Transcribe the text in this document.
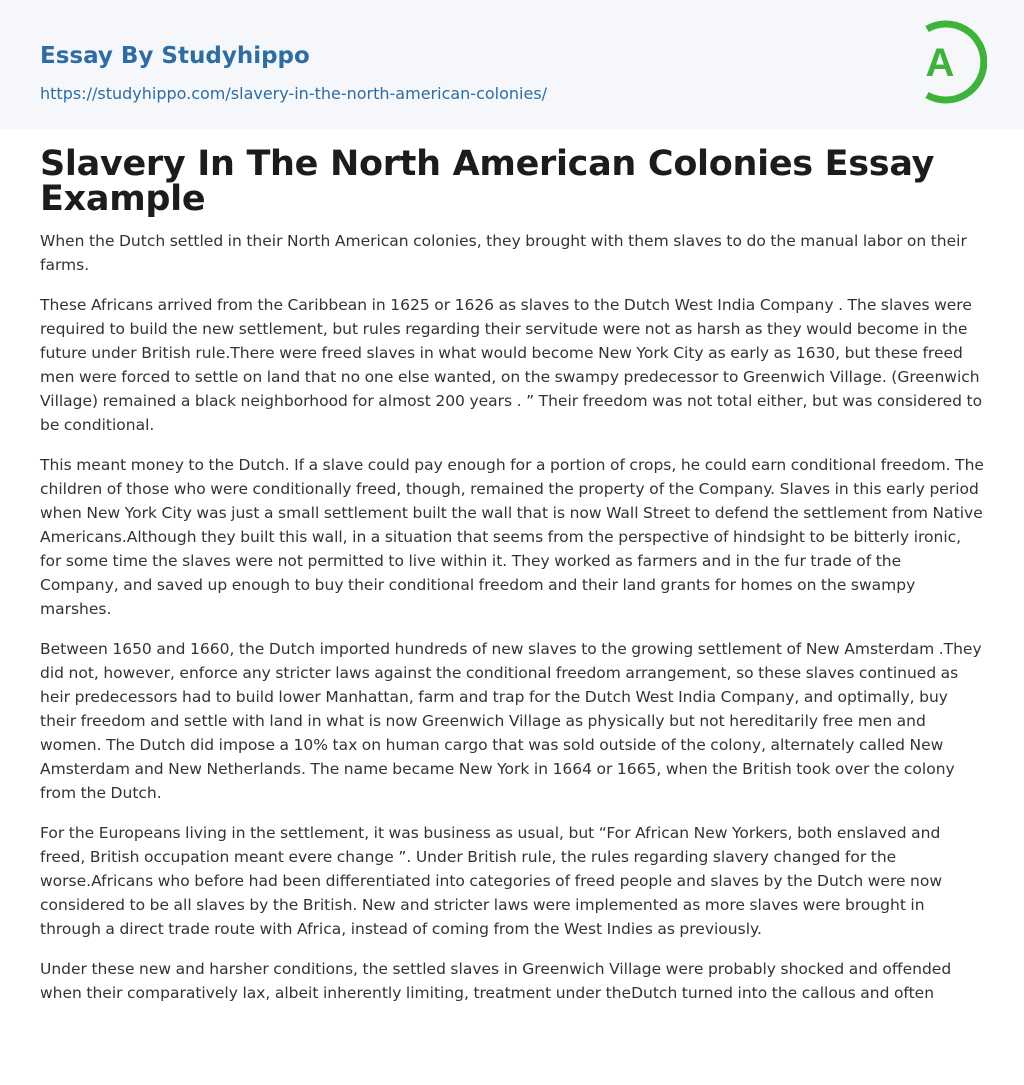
Essay By Studyhippo
https://studyhippo.com/slavery-in-the-north-american-colonies/
A
Slavery In The North American Colonies Essay Example

When the Dutch settled in their North American colonies, they brought with them slaves to do the manual labor on their farms.

These Africans arrived from the Caribbean in 1625 or 1626 as slaves to the Dutch West India Company . The slaves were required to build the new settlement, but rules regarding their servitude were not as harsh as they would become in the future under British rule.There were freed slaves in what would become New York City as early as 1630, but these freed men were forced to settle on land that no one else wanted, on the swampy predecessor to Greenwich Village. (Greenwich Village) remained a black neighborhood for almost 200 years . ” Their freedom was not total either, but was considered to be conditional.

This meant money to the Dutch. If a slave could pay enough for a portion of crops, he could earn conditional freedom. The children of those who were conditionally freed, though, remained the property of the Company. Slaves in this early period when New York City was just a small settlement built the wall that is now Wall Street to defend the settlement from Native Americans.Although they built this wall, in a situation that seems from the perspective of hindsight to be bitterly ironic, for some time the slaves were not permitted to live within it. They worked as farmers and in the fur trade of the Company, and saved up enough to buy their conditional freedom and their land grants for homes on the swampy marshes.

Between 1650 and 1660, the Dutch imported hundreds of new slaves to the growing settlement of New Amsterdam .They did not, however, enforce any stricter laws against the conditional freedom arrangement, so these slaves continued as heir predecessors had to build lower Manhattan, farm and trap for the Dutch West India Company, and optimally, buy their freedom and settle with land in what is now Greenwich Village as physically but not hereditarily free men and women. The Dutch did impose a 10% tax on human cargo that was sold outside of the colony, alternately called New Amsterdam and New Netherlands. The name became New York in 1664 or 1665, when the British took over the colony from the Dutch.

For the Europeans living in the settlement, it was business as usual, but “For African New Yorkers, both enslaved and freed, British occupation meant evere change ”. Under British rule, the rules regarding slavery changed for the worse.Africans who before had been differentiated into categories of freed people and slaves by the Dutch were now considered to be all slaves by the British. New and stricter laws were implemented as more slaves were brought in through a direct trade route with Africa, instead of coming from the West Indies as previously.

Under these new and harsher conditions, the settled slaves in Greenwich Village were probably shocked and offended when their comparatively lax, albeit inherently limiting, treatment under theDutch turned into the callous and often
